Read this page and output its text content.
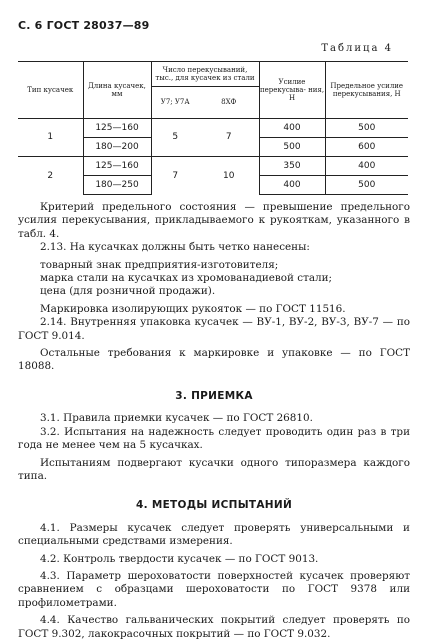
С. 6 ГОСТ 28037—89
Таблица 4
Тип кусачек	Длина кусачек, мм	Число перекусываний, тыс., для кусачек из стали		Усилие перекусыва- ния, Н	Предельное усилие перекусывания, Н
		У7; У7А	8ХФ		
1	125—160	5	7	400	500
	180—200			500	600
2	125—160	7	10	350	400
	180—250			400	500

Критерий предельного состояния — превышение предельного усилия перекусывания, прикладываемого к рукояткам, указанного в табл. 4.

2.13. На кусачках должны быть четко нанесены:

товарный знак предприятия-изготовителя;

марка стали на кусачках из хромованадиевой стали;

цена (для розничной продажи).

Маркировка изолирующих рукояток — по ГОСТ 11516.

2.14. Внутренняя упаковка кусачек — ВУ-1, ВУ-2, ВУ-3, ВУ-7 — по ГОСТ 9.014.

Остальные требования к маркировке и упаковке — по ГОСТ 18088.

3. ПРИЕМКА

3.1. Правила приемки кусачек — по ГОСТ 26810.

3.2. Испытания на надежность следует проводить один раз в три года не менее чем на 5 кусачках.

Испытаниям подвергают кусачки одного типоразмера каждого типа.

4. МЕТОДЫ ИСПЫТАНИЙ

4.1. Размеры кусачек следует проверять универсальными и специальными средствами измерения.

4.2. Контроль твердости кусачек — по ГОСТ 9013.

4.3. Параметр шероховатости поверхностей кусачек проверяют сравнением с образцами шероховатости по ГОСТ 9378 или профилометрами.

4.4. Качество гальванических покрытий следует проверять по ГОСТ 9.302, лакокрасочных покрытий — по ГОСТ 9.032.
